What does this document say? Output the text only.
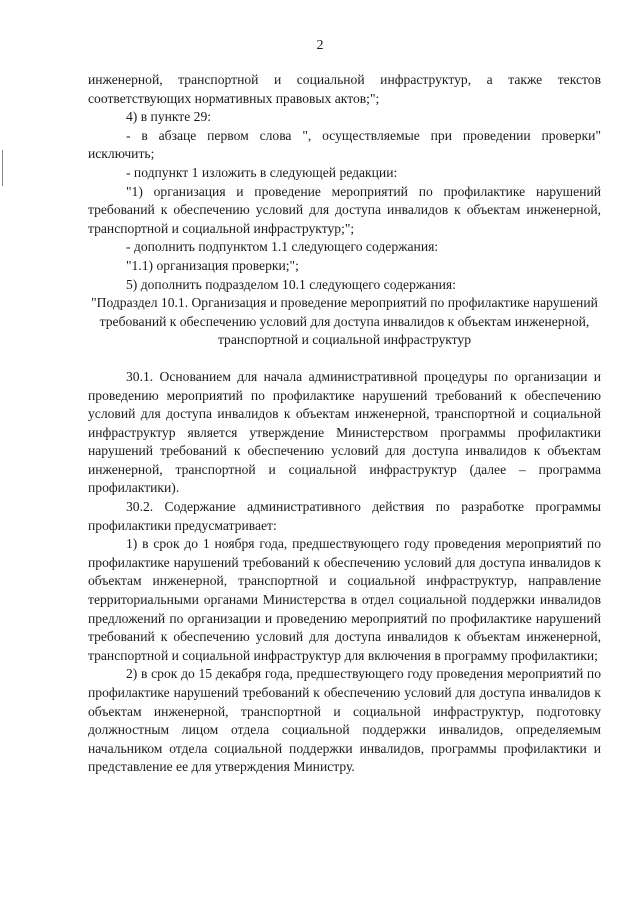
2

инженерной, транспортной и социальной инфраструктур, а также текстов соответствующих нормативных правовых актов;";

4) в пункте 29:

- в абзаце первом слова ", осуществляемые при проведении проверки" исключить;

- подпункт 1 изложить в следующей редакции:

"1) организация и проведение мероприятий по профилактике нарушений требований к обеспечению условий для доступа инвалидов к объектам инженерной, транспортной и социальной инфраструктур;";

- дополнить подпунктом 1.1 следующего содержания:

"1.1) организация проверки;";

5) дополнить подразделом 10.1 следующего содержания:

"Подраздел 10.1. Организация и проведение мероприятий по профилактике нарушений требований к обеспечению условий для доступа инвалидов к объектам инженерной, транспортной и социальной инфраструктур

30.1. Основанием для начала административной процедуры по организации и проведению мероприятий по профилактике нарушений требований к обеспечению условий для доступа инвалидов к объектам инженерной, транспортной и социальной инфраструктур является утверждение Министерством программы профилактики нарушений требований к обеспечению условий для доступа инвалидов к объектам инженерной, транспортной и социальной инфраструктур (далее – программа профилактики).

30.2. Содержание административного действия по разработке программы профилактики предусматривает:

1) в срок до 1 ноября года, предшествующего году проведения мероприятий по профилактике нарушений требований к обеспечению условий для доступа инвалидов к объектам инженерной, транспортной и социальной инфраструктур, направление территориальными органами Министерства в отдел социальной поддержки инвалидов предложений по организации и проведению мероприятий по профилактике нарушений требований к обеспечению условий для доступа инвалидов к объектам инженерной, транспортной и социальной инфраструктур для включения в программу профилактики;

2) в срок до 15 декабря года, предшествующего году проведения мероприятий по профилактике нарушений требований к обеспечению условий для доступа инвалидов к объектам инженерной, транспортной и социальной инфраструктур, подготовку должностным лицом отдела социальной поддержки инвалидов, определяемым начальником отдела социальной поддержки инвалидов, программы профилактики и представление ее для утверждения Министру.
